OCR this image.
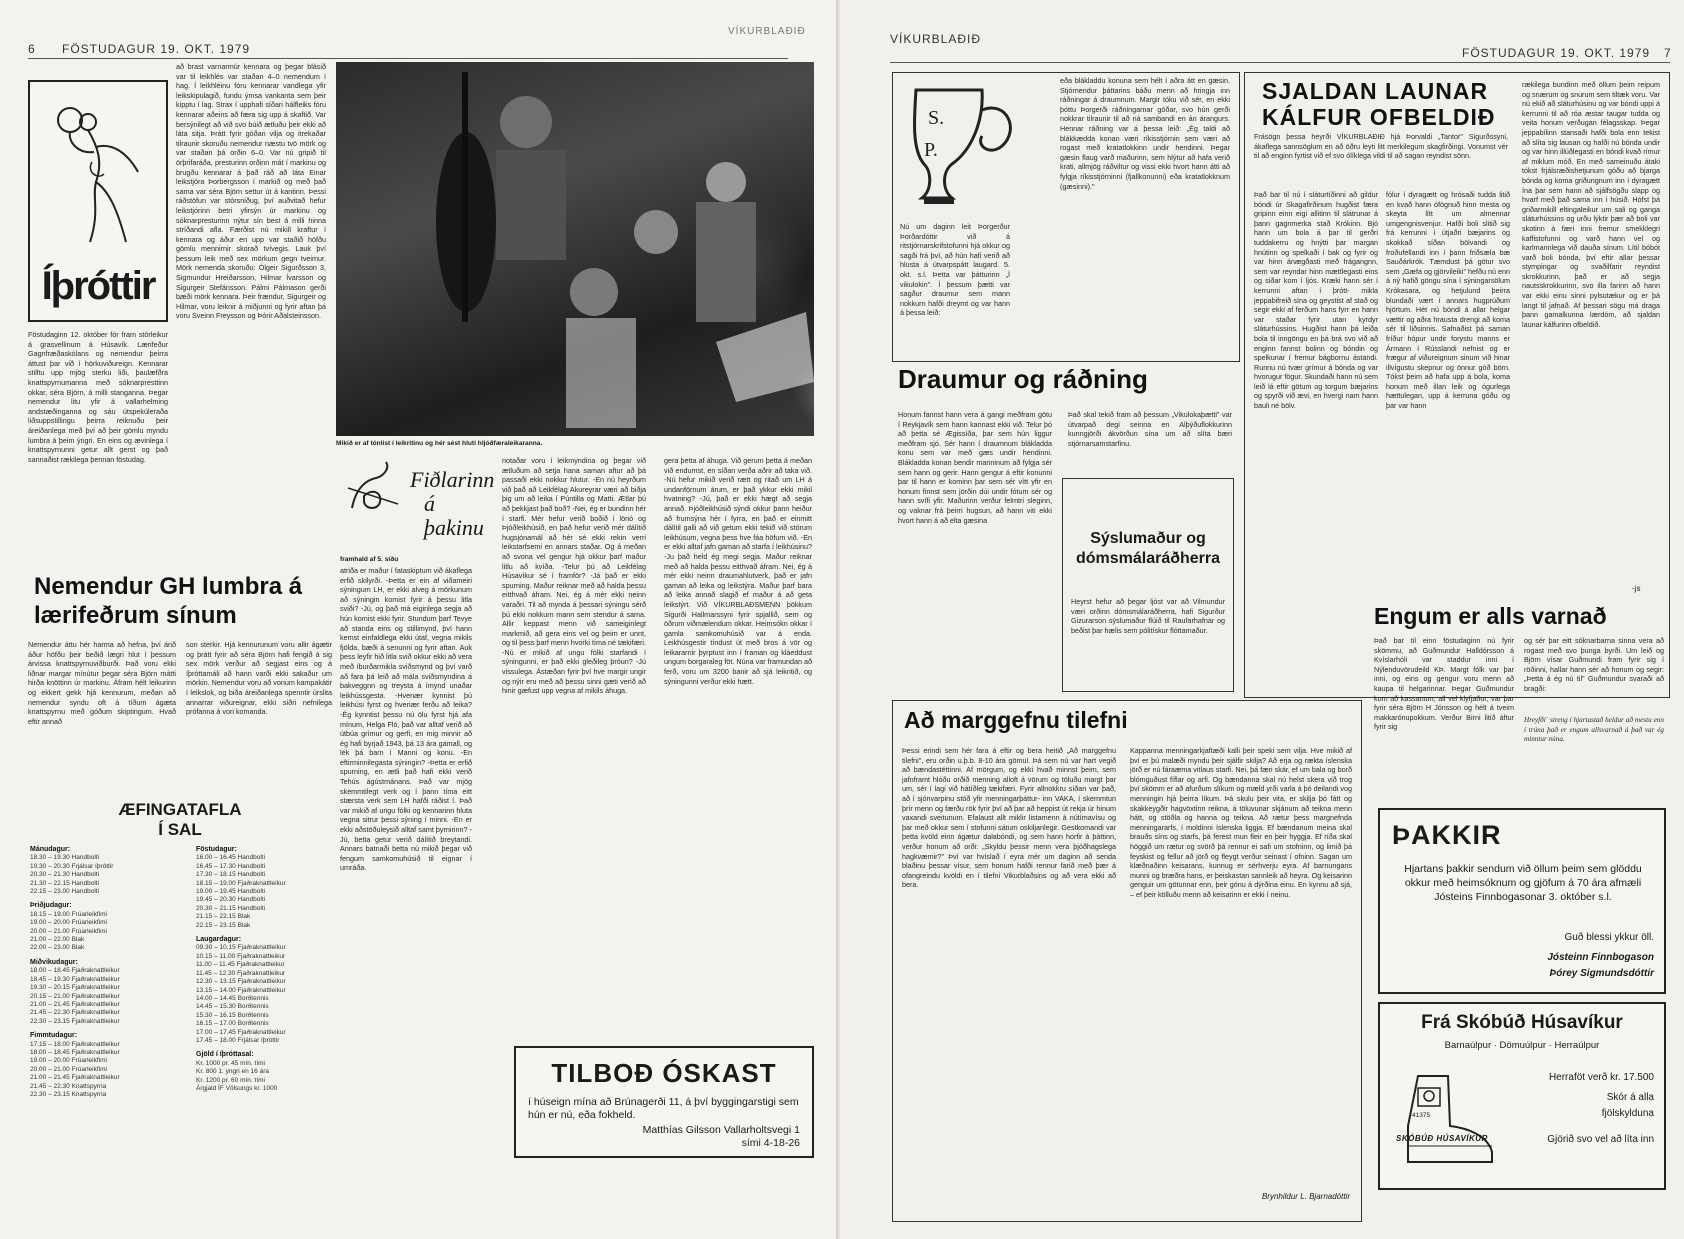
6 FÖSTUDAGUR 19. OKT. 1979
VÍKURBLAÐIÐ
Íþróttir
Föstudaginn 12. október fór fram stórleikur á grasvellinum á Húsavík. Lærifeður Gagnfræðaskólans og nemendur þeirra áttust þar við í hörkuviðureign. Kennarar stilltu upp mjög sterku liði, þaulæfðra knattspyrnumanna með sóknarpresttinn okkar, séra Björn, á milli stanganna. Þegar nemendur litu yfir á vallarhelming andstæðinganna og sáu útspekúleraða liðsuppstillingu þeirra reiknuðu þeir áreiðanlega með því að þeir gömlu myndu lumbra á þeim ýngri. En eins og ævinlega í knattspyrnunni getur allt gerst og það sannaðist rækilega þennan föstudag.
að brast varnarmúr kennara og þegar blásið var til leikhlés var staðan 4–0 nemendum í hag. Í leikhléinu fóru kennarar vandlega yfir leikskipulagið, fundu ýmsa vankanta sem þeir kipptu í lag. Strax í upphafi síðari hálfleiks fóru kennarar aðeins að færa sig upp á skaftið. Var bersýnilegt að við svo búið ætluðu þeir ekki að láta sitja. Þrátt fyrir góðan vilja og itrekaðar tilraunir skoruðu nemendur næstu tvö mörk og var staðan þá orðin 6–0. Var nú gripið til örþrifaráða, presturinn orðinn mát í markinu og brugðu kennarar á það ráð að láta Einar leikstjóra Þorbergsson í markið og með það sama var séra Björn settur út á kantinn. Þessi ráðstöfun var stórsniðug, því auðvitað hefur leikstjórinn betri yfirsýn úr markinu og sóknarpresturinn nýtur sín best á milli hinna stríðandi afla. Færðist nú mikill kraftur í kennara og áður en upp var staðið höfðu gömlu mennirnir skorað tvívegis. Lauk því þessum leik með sex mörkum gegn tveimur. Mörk nemenda skoruðu: Ólgeir Sigurðsson 3, Sigmundur Hreiðarsson, Hilmar Ívarsson og Sigurgeir Stefánsson. Pálmi Pálmason gerði bæði mörk kennara. Þeir frændur, Sigurgeir og Hilmar, voru leiknir á miðjunni og fyrir aftan þá voru Sveinn Freysson og Þórir Aðalsteinsson.
Mikið er af tónlist í leikritinu og hér sést hluti hljóðfæraleikaranna.
Nemendur GH lumbra á lærifeðrum sínum
Nemendur áttu hér harma að hefna, því árið áður höfðu þeir beðið lægri hlut í þessum árvissa knattspyrnuviðburði. Það voru ekki liðnar margar mínútur þegar séra Björn mátti hirða knöttinn úr markinu. Áfram hélt leikurinn og ekkert gekk hjá kennurum, meðan að nemendur syndu oft á tíðum ágæta knattspyrnu með góðum skiptingum. Hvað eftir annað
son sterkir. Hjá kennurunum voru allir ágætir og þrátt fyrir að séra Björn hafi fengið á sig sex mörk verður að segjast eins og á íþróttamáli að hann varði ekki sakaður um mörkin. Nemendur voru að vonum kampakátir í leikslok, og biða áreiðanlega spenntir úrslita annarrar viðureignar, ekki síðri nefnilega prófanna á vori komanda.
ÆFINGATAFLA
Í SAL
Mánudagur:
18.30 – 19.30 Handbolti
19.30 – 20.30 Frjálsar íþróttir
20.30 – 21.30 Handbolti
21.30 – 22.15 Handbolti
22.15 – 23.00 Handbolti
Þriðjudagur:
18.15 – 19.00 Frúarleikfimi
19.00 – 20.00 Frúarleikfimi
20.00 – 21.00 Frúarleikfimi
21.00 – 22.00 Blak
22.00 – 23.00 Blak
Miðvikudagur:
18.00 – 18.45 Fjaðraknattleikur
18.45 – 19.30 Fjaðraknattleikur
19.30 – 20.15 Fjaðraknattleikur
20.15 – 21.00 Fjaðraknattleikur
21.00 – 21.45 Fjaðraknattleikur
21.45 – 22.30 Fjaðraknattleikur
22.30 – 23.15 Fjaðraknattleikur
Fimmtudagur:
17.15 – 18.00 Fjaðraknattleikur
18.00 – 18.45 Fjaðraknattleikur
19.00 – 20.00 Frúarleikfimi
20.00 – 21.00 Frúarleikfimi
21.00 – 21.45 Fjaðraknattleikur
21.45 – 22.30 Knattspyrna
22.30 – 23.15 Knattspyrna
Föstudagur:
16.00 – 16.45 Handbolti
16.45 – 17.30 Handbolti
17.30 – 18.15 Handbolti
18.15 – 19.00 Fjaðraknattleikur
19.00 – 19.45 Handbolti
19.45 – 20.30 Handbolti
20.30 – 21.15 Handbolti
21.15 – 22.15 Blak
22.15 – 23.15 Blak
Laugardagur:
09.30 – 10.15 Fjaðraknattleikur
10.15 – 11.00 Fjaðraknattleikur
11.00 – 11.45 Fjaðraknattleikur
11.45 – 12.30 Fjaðraknattleikur
12.30 – 13.15 Fjaðraknattleikur
13.15 – 14.00 Fjaðraknattleikur
14.00 – 14.45 Borðtennis
14.45 – 15.30 Borðtennis
15.30 – 16.15 Borðtennis
16.15 – 17.00 Borðtennis
17.00 – 17.45 Fjaðraknattleikur
17.45 – 18.00 Frjálsar íþróttir
Gjöld í íþróttasal:
Kr. 1000 pr. 45 mín. tími
Kr. 800 1. yngri en 16 ára
Kr. 1200 pr. 60 mín. tími
Árgjald ÍF Völsungs kr. 1000
Fiðlarinn
á þakinu
framhald af 5. síðu
atriða er maður í fataskiptum við ákaflega erfið skilyrði. -Þetta er ein af viðameiri sýningum LH, er ekki alveg á mörkunum að sýningin komist fyrir á þessu litla sviði? -Jú, og það má eiginlega segja að hún komist ekki fyrir. Stundum þarf Tevye að standa eins og stillimynd, því hann kemst einfaldlega ekki útaf, vegna mikils fjölda, bæði á senunni og fyrir aftan. Auk þess leyfir hið litla svið okkur ekki að vera með íburðarmikla sviðsmynd og því varð að fara þá leið að mála sviðsmyndina á bakveggnn og treysta á ímynd unaðar leikhússgesta. -Hvenær kynnist þú leikhúsi fyrst og hvenær ferðu að leika? -Ég kynntist þessu nú ölu fyrst hjá afa mínum, Helga Fló, það var alltaf verið að útbúa grímur og gerfi, en mig minnir að ég hafi byrjað 1943, þá 13 ára gamall, og lék þá barn í Manni og konu. -En eftirminnilegasta sýningin? -Þetta er erfið spurning, en ætli það hafi ekki verið Tehús ágústmánans. Það var mjög skemmtilegt verk og í þann tíma eitt stærsta verk sem LH hafði ráðist í. Það var mikið af ungu fólki og kennarinn hluta vegna sitrur þessi sýning í minni. -En er ekki aðstöðuleysið alltaf samt þyrnirinn? -Jú, betta getur verið dálítið breytandi. Annars batnaði betta nú mikið þegar við fengum samkomuhúsið til eignar í umráða.
notaðar voru í leikmyndina og þegar við ætluðum að setja hana saman aftur að þá passaði ekki nokkur hlutur. -En nú heyrðum við það að Leikfélag Akureyrar væri að biðja þig um að leika í Púntilla og Matti. Ætlar þú að þekkjast það boð? -Nei, ég er bundinn hér í starfi. Mér hefur verið boðið í lönó og Þjóðleikhúsið, en það hefur verið mér dálítið hugsjónamál að hér sé ekki rekin verri leikstarfsemi en annars staðar. Og á meðan að svona vel gengur hjá okkur þarf maður litlu að kvíða. -Telur þú að Leikfélag Húsavíkur sé í framför? -Já það er ekki spurning. Maður reiknar með að halda þessu eitthvað áfram. Nei, ég á mér ekki neinn varaðri. Til að mynda á þessari sýningu sérð þú ekki nokkurn mann sem stendur á sama. Allir keppast menn við sameiginlegt markmið, að gera eins vel og þeim er unnt, og til þess þarf menn hvorki tíma né tækifæri. -Nú er mikið af ungu fólki starfandi í sýningunni, er það ekki gleðileg þróun? -Jú vissulega. Ástæðan fyrir því hve margir ungir og nýir eru með að þessu sinni gæti verið að hinir gæfust upp vegna af mikils áhuga.
gera þetta af áhuga. Við gerum þetta á meðan við endumst, en síðan verða aðrir að taka við. -Nú hefur mikið verið rætt og ritað um LH á undanförnum árum, er það ykkur ekki mikil hvatning? -Jú, það er ekki hægt að segja annað. Þjóðleikhúsið sýndi okkur þann heiður að frumsýna hér í fyrra, en það er einmitt dálítil galli að við getum ekki tekið við stórum leikhúsum, vegna þess hve fáa höfum við. -En er ekki alltaf jafn gaman að starfa í leikhúsinu? -Ju það held ég megi segja. Maður reiknar með að halda þessu eitthvað áfram. Nei, ég á mér ekki neinn draumahlutverk, það er jafn gaman að leika og leikstýra. Maður þarf bara að leika annað slagið ef maður á að geta leikstýrt. Við VÍKURBLAÐSMENN þökkum Sigurði Hallmarssyni fyrir spjallið, sem og öðrum viðmælendum okkar. Heimsókn okkar í gamla samkomuhúsið var á enda. Leikhúsgestir tíndust út með bros á vör og leikararnir þyrptust inn í framan og kláeddust ungum borgaraleg föt. Núna var framundan að ferð, voru um 3200 banir að sjá leikritið, og sýningunni verður ekki hætt.
TILBOÐ ÓSKAST
í húseign mína að Brúnagerði 11, á því byggingarstigi sem hún er nú, eða fokheld.
Matthías Gilsson Vallarholtsvegi 1
sími 4-18-26
VÍKURBLAÐIÐ
FÖSTUDAGUR 19. OKT. 1979 7
S.
P.
Nú um daginn leit Þorgerður Þorðardóttir við á ritstjórnarskrifstofunni hjá okkur og sagði frá því, að hún hafi verið að hlusta á útvarpspátt laugard. 5. okt. s.l. Þetta var þátturinn „Í vikulokin". Í þessum þætti var sagður draumur sem mann nokkurn hafði dreymt og var hann á þessa leið:
eða blákladdu konuna sem hélt í aðra átt en gæsin. Stjórnendur þáttarins báðu menn að hringja inn ráðningar á draumnum. Margir tóku við sér, en ekki þóttu Þorgerði ráðningarnar góðar, svo hún gerði nokkrar tilraunir til að ná sambandi en án árangurs. Hennar ráðning var á þessa leið: „Ég taldi að blákkædda konan væri ríkisstjórnin sem væri að rogast með kratatlokkinn undir hendinni. Þegar gæsin flaug varð maðurinn, sem hlýtur að hafa verið krati, allmjög ráðviltur og vissi ekki hvort hann átti að fylgja ríkisstjórninni (fjallkonunni) eða kratatlokknum (gæsinni)."
Draumur og ráðning
Honum fannst hann vera á gangi meðfram götu í Reykjavík sem hann kannast ekki við. Telur þó að þetta sé Ægissíða, þar sem hún liggur meðfram sjó. Sér hann í draumnum blákladda konu sem var með gæs undir hendinni. Blákladda konan bendir manninum að fylgja sér sem hann og gerir. Hann gengur á eftir konunni þar til hann er kominn þar sem sér vítt yfir en honum finnst sem jörðin dúi undir fótum sér og hann svífi yfir. Maðurinn verður felmtri sleginn, og vaknar frá þeirri hugsun, að hann viti ekki hvort hann á að elta gæsina
Það skal tekið fram að þessum „Vikulokaþætti" var útvarpað degi seinna en Alþýðuflokkurinn kunngjörði ákvörðun sína um að slíta bæri stjórnarsamstarfinu.
Sýslumaður og dómsmálaráðherra
Heyrst hefur að þegar ljóst var að Vilmundur væri orðinn dómsmálaráðherra, hafi Sigurður Gizurarson sýslumaður flúið til Raufarhafnar og beðist þar hælis sem pólitískur flóttamaður.
SJALDAN LAUNAR
KÁLFUR OFBELDIÐ
Frásögn þessa heyrði VÍKURBLAÐIÐ hjá Þorvaldi „Tantor" Sigurðssyni, ákaflega sannsöglum en að öðru leyti litt merkilegum skagfirðingi. Vonumst vér til að enginn fyrtist við ef svo ólíklega vildi til að sagan reyndist sönn.
Það bar til nú í sláturtíðinni að gildur bóndi úr Skagafirðinum hugðist færa gripinn einn eigi allitinn til slátrunar á þann gagnmerka stað Krókinn. Bjó hann um bola á þar til gerðri tuddakerru og hnýtti þar margan hnútinn og spelkaði í bak og fyrir og var hinn ánægðasti með frágangnn, sem var reyndar hinn mættlegasti eins og siðar kom í ljós. Kræki hann sér í kerrunni aftan í þrótt- mikla jeppabifreið sína og geystist af stað og segir ekki af ferðum hans fyrr en hann var staðar fyrir utan kyrdyr sláturhússins. Hugðist hann þá leiða bola til inngöngu en þá brá svo við að enginn fannst bolinn og bóndin og spelkunar í fremur bágbornu ástandi. Runnu nú tvær grímur á bónda og var hvorugur fögur. Skundaði hann nú sem leið lá eftir götum og torgum bæjarins og spyrði við ævi, en hvergi nam hann bauli né bölv.
fólur í dyragætt og hrósaði tudda litið en kvað hann ófögnuð hinn mesta og skeyta lítt um almennar umgengnisvenjur. Hafði boli slitið sig frá kerrunni í útjaðri bæjarins og skokkað síðan bölvandi og froðufellandi inn í þann friðsæla bæ Sauðárkrók. Tæmdust þá götur svo sem „Gæfa og gjörvileiki" hefðu nú enn á ný hafið göngu sína í sýningarsölum Krókasara, og hetjulund þeirra blundaði vært í annars hugprúðum hjörtum. Hét nú bóndi á allar helgar vættir og aðra hrausta drengi að koma sér til liðsinnis. Safnaðist þá saman fríður hópur undir forystu manns er Ármann í Rússlandi nefnist og er frægur af viðureignum sinum við hinar illvígustu skepnur og önnur góð börn. Tókst þeim að hafa upp á bola, koma honum með illan leik og ógurlega hættulegan, upp á kerruna góðu og þar var hann
rækilega bundinn með öllum þeim reipum og snærum og snurum sem tiltæk voru. Var nú ekið að sláturhúsinu og var bóndi uppi á kerrunni til að róa æstar taugar tudda og veita honum verðugan félagsskap. Þegar jeppabílinn stansaði hafði bola enn tekist að slíta sig lausan og hafði nú bónda undir og var hinn illúðlegasti en bóndi kvað rímur af miklum móð. En með sameinuðu átaki tókst frjálsræðishetjunum góðu að bjarga bónda og koma griðungnum inn í dyragætt ína þar sem hann að sjálfsögðu slapp og hvarf með það sama inn í húsið. Hófst þá griðarmikill eltingaleikur um sali og ganga sláturhússins og urðu lýktir þær að boli var skotinn á færi inni fremur smekklegri kaffistofunni og varð hann vel og karlmannlega við dauða sínum. Lítil bóbót varð boli bónda, því eftir allar þessar stympingar og svaðilfarir reyndist skrokkurinn, það er að segja nautsskrokkurinn, svo illa farinn að hann var ekki einu sinni pylsutækur og er þá langt til jafnað. Af þessari sögu má draga þann gamalkunna lærdóm, að sjaldan launar kálfurinn ofbeldið.
-js
Engum er alls varnað
Það bar til einn föstudaginn nú fyrir skömmu, að Guðmundur Halldórsson á Kvíslarhóli var staddur inni í Nýlenduvörudeild KÞ. Margt fólk var þar inni, og eins og gengur voru menn að kaupa til helgarinnar. Þegar Guðmundur kom að kassanum, all vel klyfjaður, var þar fyrir séra Björn H Jónsson og hélt á tveim makkarónupokkum. Verður Birni litið áftur fyrir sig
og sér þar eitt sóknarbarna sinna vera að rogast með svo þunga byrði. Um leið og Björn vísar Guðmundi fram fyrir sig í röðinni, hallar hann sér að honum og segir: „Þetta á ég nú til" Guðmundur svaraði að bragði:
Hreyfði´ streng í hjartastað heldur að mestu enn í trúna það er engum allsvarnað á það var ég minntur núna.
Að marggefnu tilefni
Þessi erindi sem hér fara á eftir og bera heitið „Að marggefnu tilefni", eru orðin u.þ.b. 8-10 ára gömul. Þá sem nú var hart vegið að bændastéttinni. Af mörgum, og ekki hvað minnst þeim, sem jafnframt hlóðu orðið menning alloft á vörum og töluðu margt þar um, sér í lagi við hátíðleg tækifæri. Fyrir allnokkru síðan var það, að í sjónvarpinu stóð yfir menningarþáttur- inn VAKA, í skemmtun þrír menn og færðu rök fyrir því að þar að heppist út rekja úr hinum vaxandi sveitunum. Efalaust allt miklir listamenn á nútímavísu og þar með okkur sem í stofunni sátum oskiljanlegir. Gestkomandi var þetta kvöld einn ágætur dalabóndi, og sem hann horfir á þáttinn, verður honum að orði: „Skyldu þessir menn vera þjóðhagslega hagkvæmir?" Því var hvíslað í eyra mér um daginn að senda blaðinu þessar vísur, sem honum hafði rennur farið með þær á ofangreindu kvöldi en í tilefni Vikurblaðsins og að vera ekki að bera.
Kappanna menningarkjaftæði kalli þeir speki sem vilja. Hve mikið af því er þú malæði myndu þeir sjálfir skilja? Að erja og rækta íslenska jörð er nú fáraæma vitlaus starfi. Nei, þá færi skár, ef um bala og borð blómguðust fíflar og arfi. Og bændanna skal nú helst skera við trog því skömm er að afurðum slíkum og mæld yrði varla á þó deilandi vog menningin hjá þeirra líkum. Þá skulu þeir vita, er skilja þó fátt og skakkeygðir hagvöxtinn reikna, á töluvunar skjánum að teikna menn hátt, og stöðla og hanna og teikna. Að rætur þess margnefnda menningararfs, í moldinni íslenska liggja. Ef bændanum meina skal brauðs síns og starfs, þá ferest mun fleir en þeir hyggja. Ef ríða skal höggið um rætur og svörð þá rennur ei safi um stofninn, og limið þá feyskist og fellur að jörð og fleygt verður seinast í ofninn. Sagan um klæðnaðinn keisarans, kunnug er sérhverju eyra. Af barnungans munni og bræðra hans, er þeiskastan sannleik að heyra. Og keisarinn genguir um götunnar enn, þeir gónu á dýrðina einu. En kynnu að sjá, – ef þeir kölluðu menn að keisarinn er ekki í neinu.
Brynhildur L. Bjarnadóttir
ÞAKKIR
Hjartans þakkir sendum við öllum þeim sem glöddu okkur með heimsóknum og gjöfum á 70 ára afmæli Jósteins Finnbogasonar 3. október s.l.
Guð blessi ykkur öll.
Jósteinn Finnbogason
Þórey Sigmundsdóttir
Frá Skóbúð Húsavíkur
Barnaúlpur · Dömuúlpur · Herraúlpur
Herraföt verð kr. 17.500
Skór á alla
fjölskylduna
Gjörið svo vel að líta inn
41375
SKÓBÚÐ HÚSAVÍKUR
